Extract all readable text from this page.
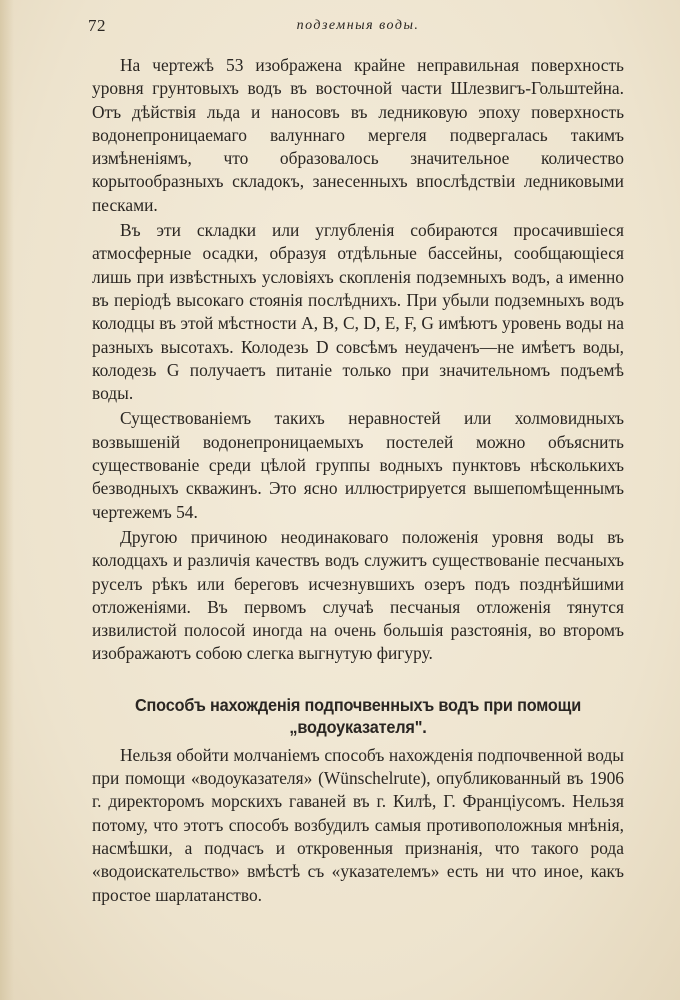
72	подземныя воды.

На чертежѣ 53 изображена крайне неправильная поверхность уровня грунтовыхъ водъ въ восточной части Шлезвигъ-Гольштейна. Отъ дѣйствія льда и наносовъ въ ледниковую эпоху поверхность водонепроницаемаго валуннаго мергеля подвергалась такимъ измѣненіямъ, что образовалось значительное количество корытообразныхъ складокъ, занесенныхъ впослѣдствіи ледниковыми песками.

Въ эти складки или углубленія собираются просачившіеся атмосферные осадки, образуя отдѣльные бассейны, сообщающіеся лишь при извѣстныхъ условіяхъ скопленія подземныхъ водъ, а именно въ періодѣ высокаго стоянія послѣднихъ. При убыли подземныхъ водъ колодцы въ этой мѣстности A, B, C, D, E, F, G имѣютъ уровень воды на разныхъ высотахъ. Колодезь D совсѣмъ неудаченъ—не имѣетъ воды, колодезь G получаетъ питаніе только при значительномъ подъемѣ воды.

Существованіемъ такихъ неравностей или холмовидныхъ возвышеній водонепроницаемыхъ постелей можно объяснить существованіе среди цѣлой группы водныхъ пунктовъ нѣсколькихъ безводныхъ скважинъ. Это ясно иллюстрируется вышепомѣщеннымъ чертежемъ 54.

Другою причиною неодинаковаго положенія уровня воды въ колодцахъ и различія качествъ водъ служитъ существованіе песчаныхъ руселъ рѣкъ или береговъ исчезнувшихъ озеръ подъ позднѣйшими отложеніями. Въ первомъ случаѣ песчаныя отложенія тянутся извилистой полосой иногда на очень большія разстоянія, во второмъ изображаютъ собою слегка выгнутую фигуру.

Способъ нахожденія подпочвенныхъ водъ при помощи
„водоуказателя".

Нельзя обойти молчаніемъ способъ нахожденія подпочвенной воды при помощи «водоуказателя» (Wünschelrute), опубликованный въ 1906 г. директоромъ морскихъ гаваней въ г. Килѣ, Г. Францiусомъ. Нельзя потому, что этотъ способъ возбудилъ самыя противоположныя мнѣнія, насмѣшки, а подчасъ и откровенныя признанія, что такого рода «водоискательство» вмѣстѣ съ «указателемъ» есть ни что иное, какъ простое шарлатанство.
